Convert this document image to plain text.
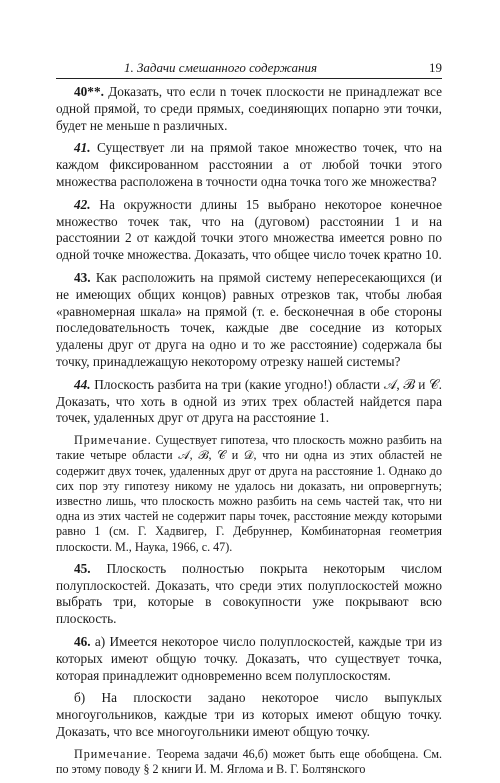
1. Задачи смешанного содержания	19

40**. Доказать, что если n точек плоскости не принадлежат все одной прямой, то среди прямых, соединяющих попарно эти точки, будет не меньше n различных.

41. Существует ли на прямой такое множество точек, что на каждом фиксированном расстоянии a от любой точки этого множества расположена в точности одна точка того же множества?

42. На окружности длины 15 выбрано некоторое конечное множество точек так, что на (дуговом) расстоянии 1 и на расстоянии 2 от каждой точки этого множества имеется ровно по одной точке множества. Доказать, что общее число точек кратно 10.

43. Как расположить на прямой систему непересекающихся (и не имеющих общих концов) равных отрезков так, чтобы любая «равномерная шкала» на прямой (т. е. бесконечная в обе стороны последовательность точек, каждые две соседние из которых удалены друг от друга на одно и то же расстояние) содержала бы точку, принадлежащую некоторому отрезку нашей системы?

44. Плоскость разбита на три (какие угодно!) области 𝒜, ℬ и 𝒞. Доказать, что хоть в одной из этих трех областей найдется пара точек, удаленных друг от друга на расстояние 1.

Примечание. Существует гипотеза, что плоскость можно разбить на такие четыре области 𝒜, ℬ, 𝒞 и 𝒟, что ни одна из этих областей не содержит двух точек, удаленных друг от друга на расстояние 1. Однако до сих пор эту гипотезу никому не удалось ни доказать, ни опровергнуть; известно лишь, что плоскость можно разбить на семь частей так, что ни одна из этих частей не содержит пары точек, расстояние между которыми равно 1 (см. Г. Хадвигер, Г. Дебруннер, Комбинаторная геометрия плоскости. М., Наука, 1966, с. 47).

45. Плоскость полностью покрыта некоторым числом полуплоскостей. Доказать, что среди этих полуплоскостей можно выбрать три, которые в совокупности уже покрывают всю плоскость.

46. а) Имеется некоторое число полуплоскостей, каждые три из которых имеют общую точку. Доказать, что существует точка, которая принадлежит одновременно всем полуплоскостям.

б) На плоскости задано некоторое число выпуклых многоугольников, каждые три из которых имеют общую точку. Доказать, что все многоугольники имеют общую точку.

Примечание. Теорема задачи 46,б) может быть еще обобщена. См. по этому поводу § 2 книги И. М. Яглома и В. Г. Болтянского
